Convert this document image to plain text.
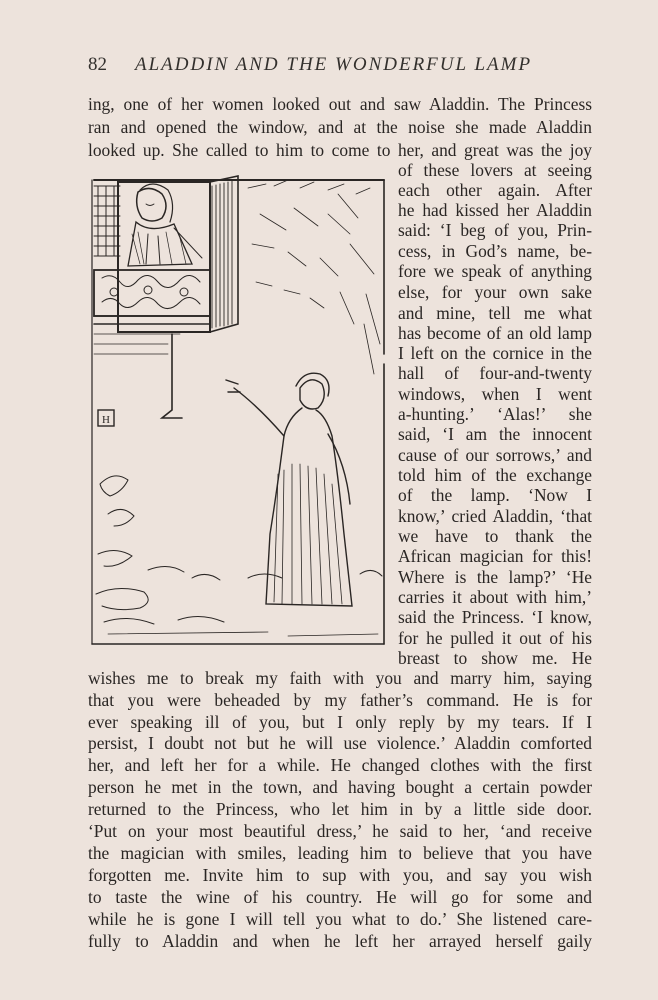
82 ALADDIN AND THE WONDERFUL LAMP
ing, one of her women looked out and saw Aladdin. The Princess
ran and opened the window, and at the noise she made Aladdin
looked up. She called to him to come to her, and great was the joy
of these lovers at seeing
each other again. After
he had kissed her Aladdin
said: ‘I beg of you, Prin-
cess, in God’s name, be-
fore we speak of anything
else, for your own sake
and mine, tell me what
has become of an old lamp
I left on the cornice in the
hall of four-and-twenty
windows, when I went
a-hunting.’ ‘Alas!’ she
said, ‘I am the innocent
cause of our sorrows,’ and
told him of the exchange
of the lamp. ‘Now I
know,’ cried Aladdin, ‘that
we have to thank the
African magician for this!
Where is the lamp?’ ‘He
carries it about with him,’
said the Princess. ‘I know,
for he pulled it out of his
breast to show me. He
wishes me to break my faith with you and marry him, saying
that you were beheaded by my father’s command. He is for
ever speaking ill of you, but I only reply by my tears. If I
persist, I doubt not but he will use violence.’ Aladdin comforted
her, and left her for a while. He changed clothes with the first
person he met in the town, and having bought a certain powder
returned to the Princess, who let him in by a little side door.
‘Put on your most beautiful dress,’ he said to her, ‘and receive
the magician with smiles, leading him to believe that you have
forgotten me. Invite him to sup with you, and say you wish
to taste the wine of his country. He will go for some and
while he is gone I will tell you what to do.’ She listened care-
fully to Aladdin and when he left her arrayed herself gaily
H
